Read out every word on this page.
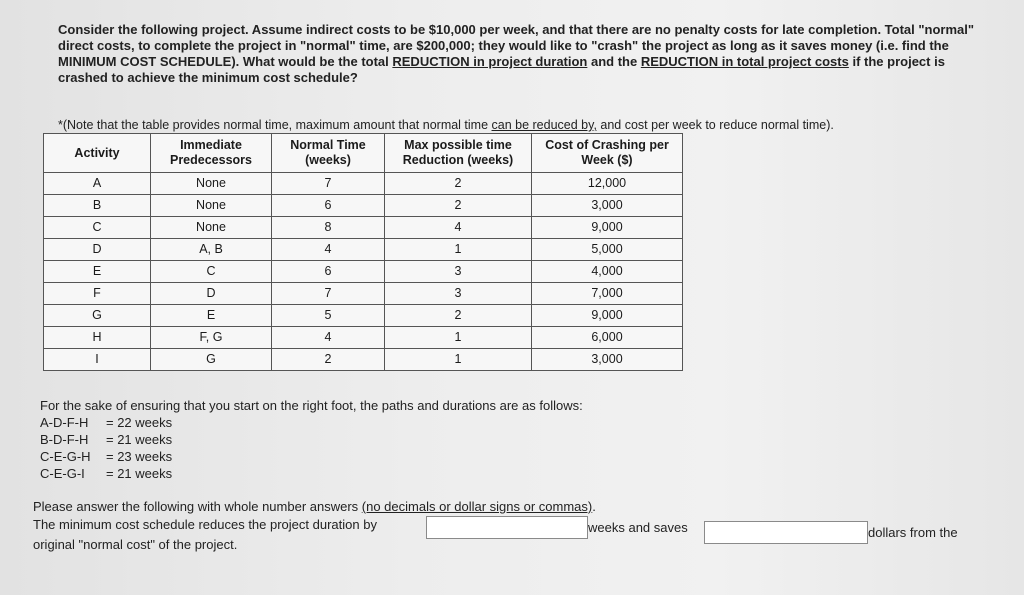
Consider the following project. Assume indirect costs to be $10,000 per week, and that there are no penalty costs for late completion. Total "normal" direct costs, to complete the project in "normal" time, are $200,000; they would like to "crash" the project as long as it saves money (i.e. find the MINIMUM COST SCHEDULE). What would be the total REDUCTION in project duration and the REDUCTION in total project costs if the project is crashed to achieve the minimum cost schedule?
*(Note that the table provides normal time, maximum amount that normal time can be reduced by, and cost per week to reduce normal time).
Activity	Immediate Predecessors	Normal Time (weeks)	Max possible time Reduction (weeks)	Cost of Crashing per Week ($)
A	None	7	2	12,000
B	None	6	2	3,000
C	None	8	4	9,000
D	A, B	4	1	5,000
E	C	6	3	4,000
F	D	7	3	7,000
G	E	5	2	9,000
H	F, G	4	1	6,000
I	G	2	1	3,000
For the sake of ensuring that you start on the right foot, the paths and durations are as follows:
A-D-F-H	= 22 weeks
B-D-F-H	= 21 weeks
C-E-G-H	= 23 weeks
C-E-G-I	= 21 weeks
Please answer the following with whole number answers (no decimals or dollar signs or commas).
The minimum cost schedule reduces the project duration by	weeks and saves	dollars from the
original "normal cost" of the project.
